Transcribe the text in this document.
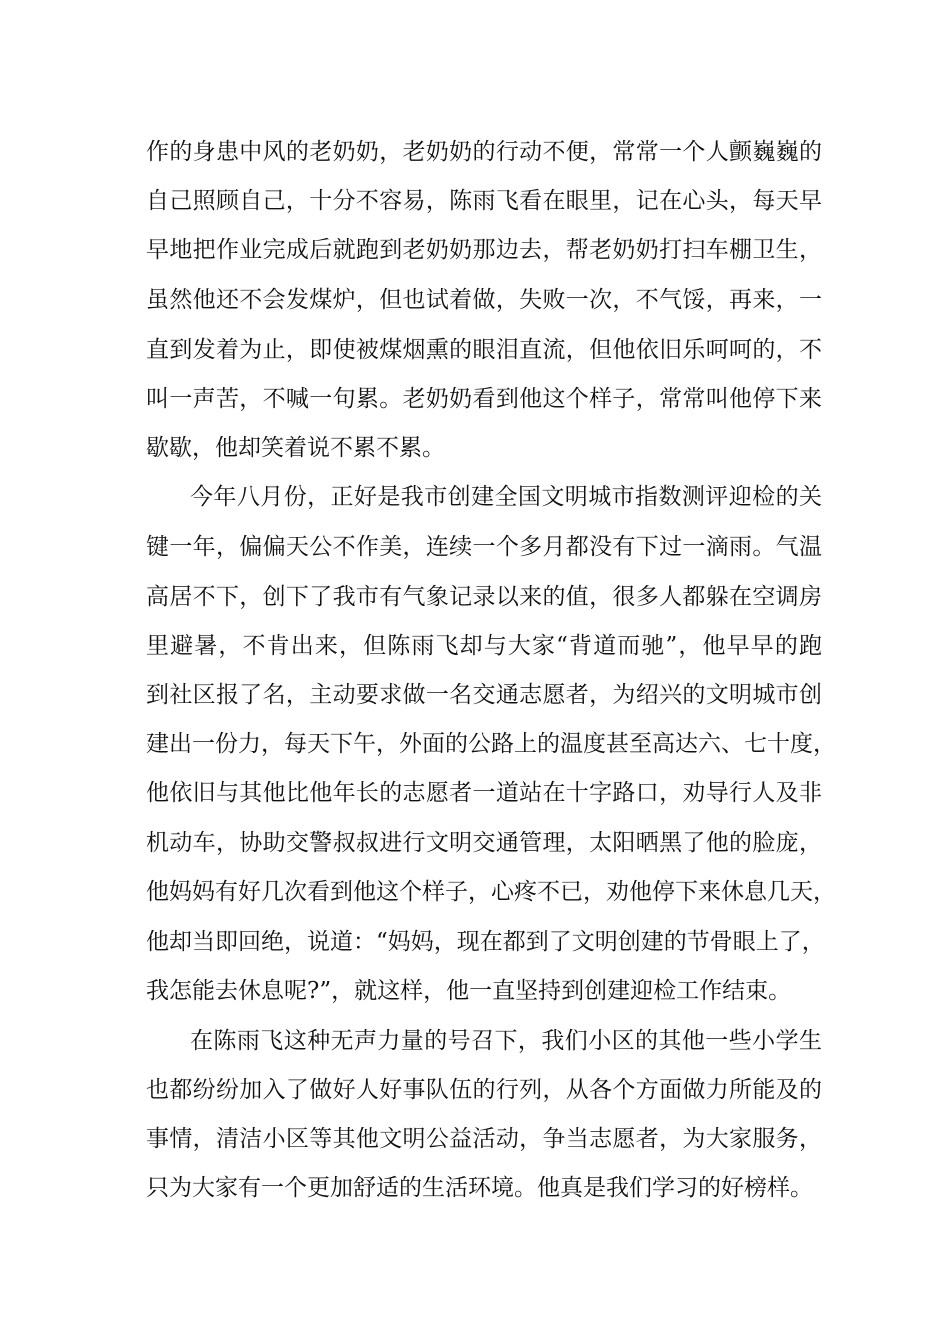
作的身患中风的老奶奶，老奶奶的行动不便，常常一个人颤巍巍的
自己照顾自己，十分不容易，陈雨飞看在眼里，记在心头，每天早
早地把作业完成后就跑到老奶奶那边去，帮老奶奶打扫车棚卫生，
虽然他还不会发煤炉，但也试着做，失败一次，不气馁，再来，一
直到发着为止，即使被煤烟熏的眼泪直流，但他依旧乐呵呵的，不
叫一声苦，不喊一句累。老奶奶看到他这个样子，常常叫他停下来
歇歇，他却笑着说不累不累。
今年八月份，正好是我市创建全国文明城市指数测评迎检的关
键一年，偏偏天公不作美，连续一个多月都没有下过一滴雨。气温
高居不下，创下了我市有气象记录以来的值，很多人都躲在空调房
里避暑，不肯出来，但陈雨飞却与大家“背道而驰”，他早早的跑
到社区报了名，主动要求做一名交通志愿者，为绍兴的文明城市创
建出一份力，每天下午，外面的公路上的温度甚至高达六、七十度，
他依旧与其他比他年长的志愿者一道站在十字路口，劝导行人及非
机动车，协助交警叔叔进行文明交通管理，太阳晒黑了他的脸庞，
他妈妈有好几次看到他这个样子，心疼不已，劝他停下来休息几天，
他却当即回绝，说道：“妈妈，现在都到了文明创建的节骨眼上了，
我怎能去休息呢?”，就这样，他一直坚持到创建迎检工作结束。
在陈雨飞这种无声力量的号召下，我们小区的其他一些小学生
也都纷纷加入了做好人好事队伍的行列，从各个方面做力所能及的
事情，清洁小区等其他文明公益活动，争当志愿者，为大家服务，
只为大家有一个更加舒适的生活环境。他真是我们学习的好榜样。
